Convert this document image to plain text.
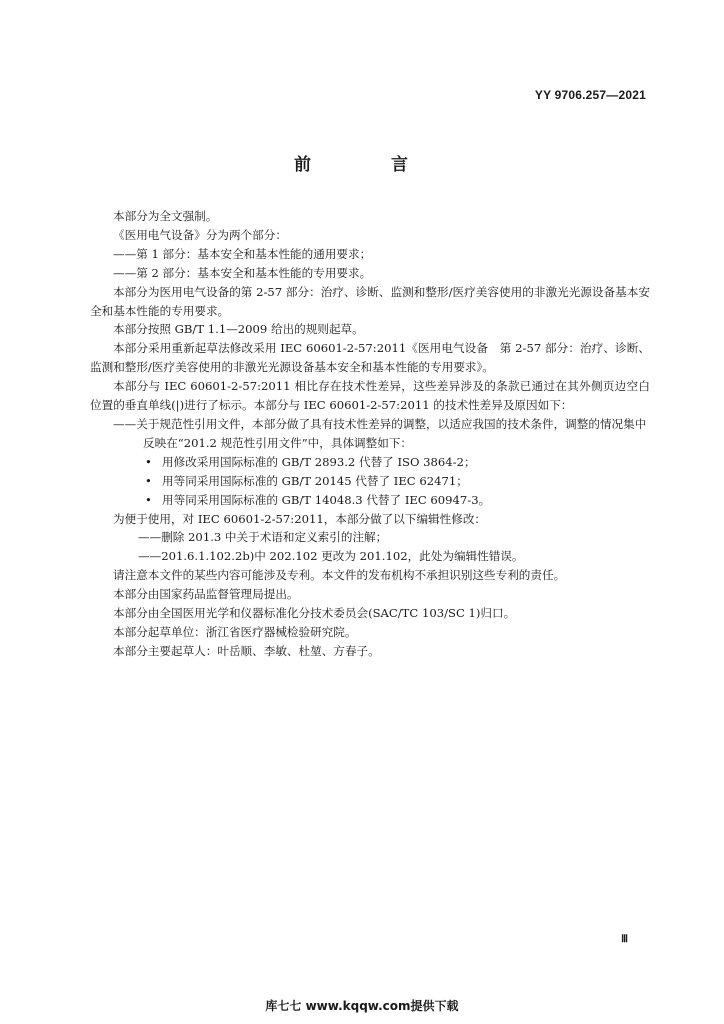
YY 9706.257—2021
前 言

本部分为全文强制。

《医用电气设备》分为两个部分：

——第 1 部分：基本安全和基本性能的通用要求；

——第 2 部分：基本安全和基本性能的专用要求。

本部分为医用电气设备的第 2-57 部分：治疗、诊断、监测和整形/医疗美容使用的非激光光源设备基本安全和基本性能的专用要求。

本部分按照 GB/T 1.1—2009 给出的规则起草。

本部分采用重新起草法修改采用 IEC 60601-2-57:2011《医用电气设备　第 2-57 部分：治疗、诊断、监测和整形/医疗美容使用的非激光光源设备基本安全和基本性能的专用要求》。

本部分与 IEC 60601-2-57:2011 相比存在技术性差异，这些差异涉及的条款已通过在其外侧页边空白位置的垂直单线(|)进行了标示。本部分与 IEC 60601-2-57:2011 的技术性差异及原因如下：

——关于规范性引用文件，本部分做了具有技术性差异的调整，以适应我国的技术条件，调整的情况集中反映在“201.2 规范性引用文件”中，具体调整如下：

• 用修改采用国际标准的 GB/T 2893.2 代替了 ISO 3864-2；

• 用等同采用国际标准的 GB/T 20145 代替了 IEC 62471；

• 用等同采用国际标准的 GB/T 14048.3 代替了 IEC 60947-3。

为便于使用，对 IEC 60601-2-57:2011，本部分做了以下编辑性修改：

——删除 201.3 中关于术语和定义索引的注解；

——201.6.1.102.2b)中 202.102 更改为 201.102，此处为编辑性错误。

请注意本文件的某些内容可能涉及专利。本文件的发布机构不承担识别这些专利的责任。

本部分由国家药品监督管理局提出。

本部分由全国医用光学和仪器标准化分技术委员会(SAC/TC 103/SC 1)归口。

本部分起草单位：浙江省医疗器械检验研究院。

本部分主要起草人：叶岳顺、李敏、杜堃、方春子。

Ⅲ
库七七 www.kqqw.com提供下载
